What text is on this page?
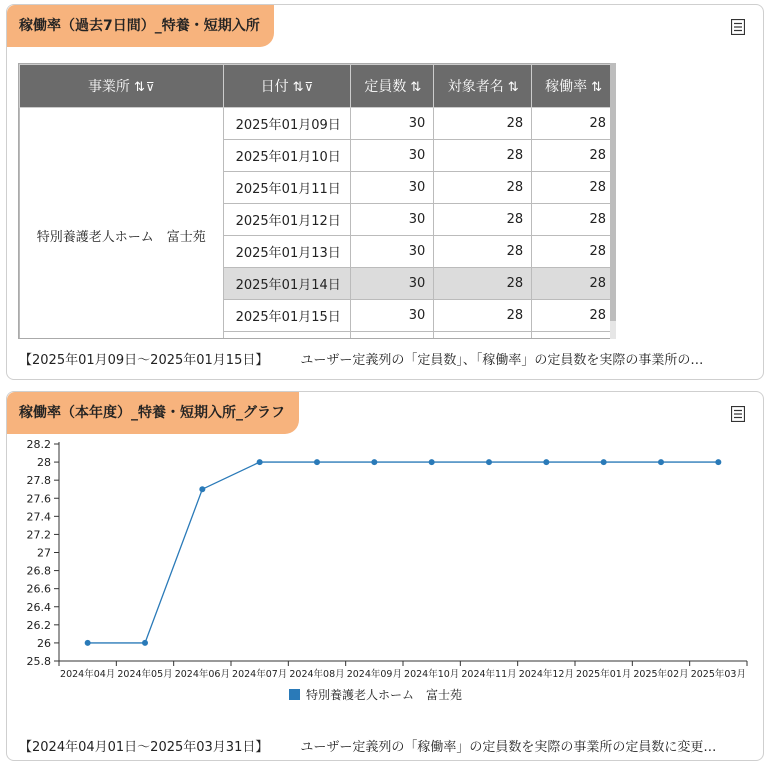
稼働率（過去7日間）_特養・短期入所
事業所 ⇅ ⊽	日付 ⇅ ⊽	定員数 ⇅	対象者名 ⇅	稼働率 ⇅
特別養護老人ホーム　富士苑	2025年01月09日	30	28	28
	2025年01月10日	30	28	28
	2025年01月11日	30	28	28
	2025年01月12日	30	28	28
	2025年01月13日	30	28	28
	2025年01月14日	30	28	28
	2025年01月15日	30	28	28

【2025年01月09日～2025年01月15日】 ユーザー定義列の「定員数」、「稼働率」の定員数を実際の事業所の…
稼働率（本年度）_特養・短期入所_グラフ
25.8
26
26.2
26.4
26.6
26.8
27
27.2
27.4
27.6
27.8
28
28.2
2024年04月 2024年05月 2024年06月 2024年07月 2024年08月 2024年09月 2024年10月 2024年11月 2024年12月 2025年01月 2025年02月 2025年03月
特別養護老人ホーム　富士苑
【2024年04月01日～2025年03月31日】 ユーザー定義列の「稼働率」の定員数を実際の事業所の定員数に変更…
